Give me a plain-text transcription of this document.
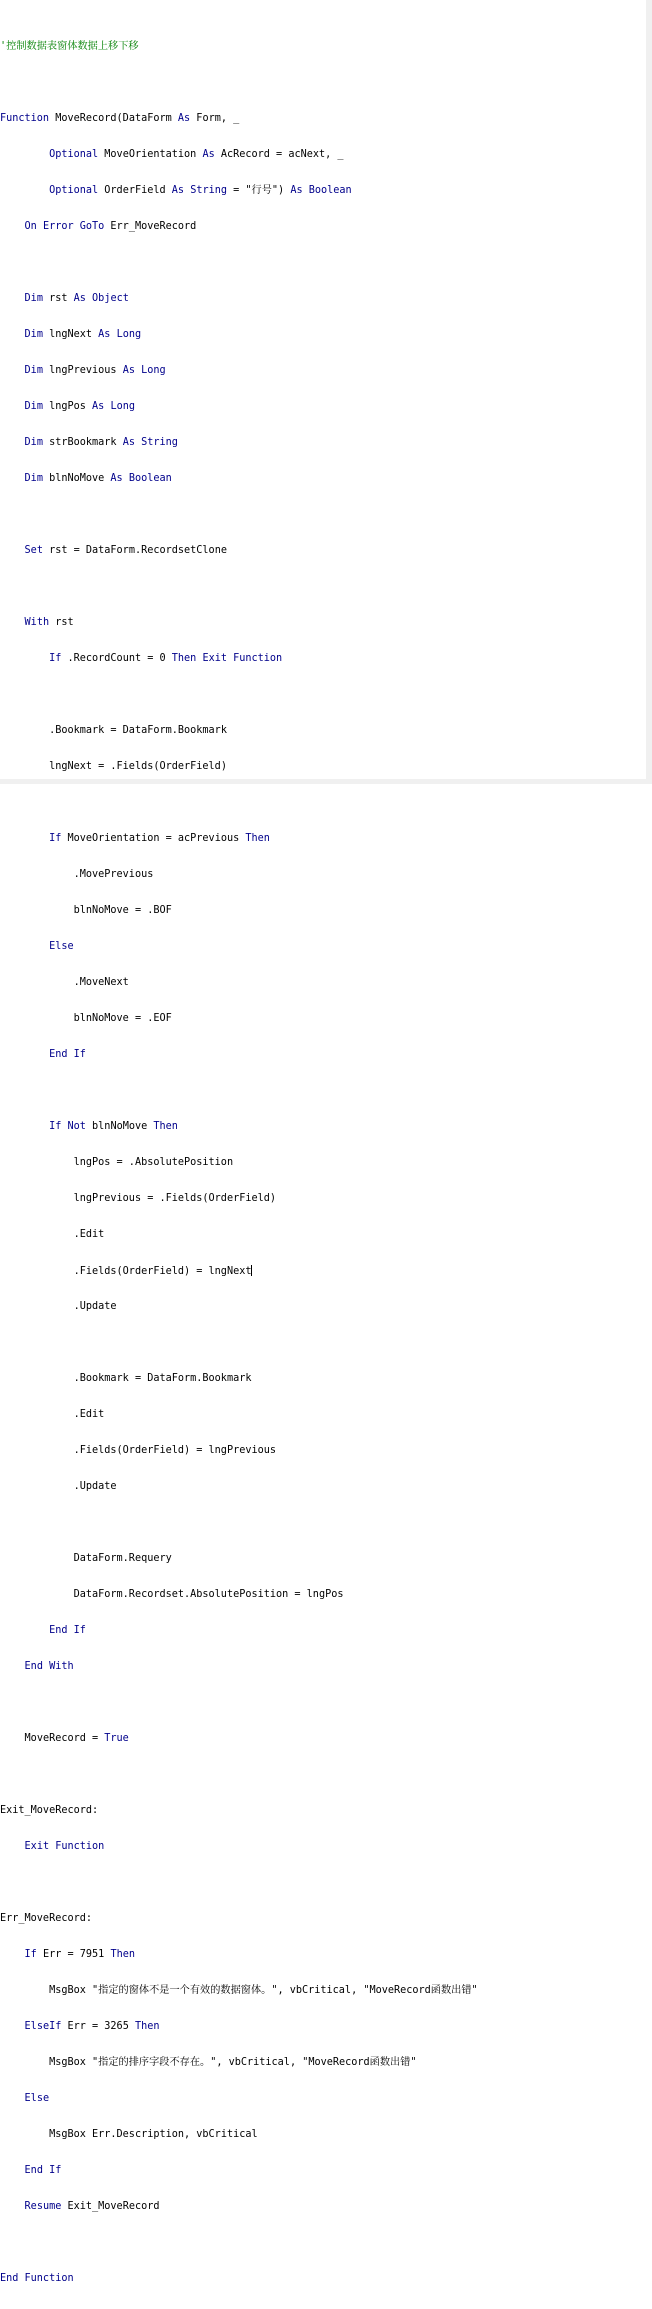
'控制数据表窗体数据上移下移

Function MoveRecord(DataForm As Form, _

Optional MoveOrientation As AcRecord = acNext, _

Optional OrderField As String = "行号") As Boolean

On Error GoTo Err_MoveRecord

Dim rst As Object

Dim lngNext As Long

Dim lngPrevious As Long

Dim lngPos As Long

Dim strBookmark As String

Dim blnNoMove As Boolean

Set rst = DataForm.RecordsetClone

With rst

If .RecordCount = 0 Then Exit Function

.Bookmark = DataForm.Bookmark

lngNext = .Fields(OrderField)

If MoveOrientation = acPrevious Then

.MovePrevious

blnNoMove = .BOF

Else

.MoveNext

blnNoMove = .EOF

End If

If Not blnNoMove Then

lngPos = .AbsolutePosition

lngPrevious = .Fields(OrderField)

.Edit

.Fields(OrderField) = lngNext

.Update

.Bookmark = DataForm.Bookmark

.Edit

.Fields(OrderField) = lngPrevious

.Update

DataForm.Requery

DataForm.Recordset.AbsolutePosition = lngPos

End If

End With

MoveRecord = True

Exit_MoveRecord:

Exit Function

Err_MoveRecord:

If Err = 7951 Then

MsgBox "指定的窗体不是一个有效的数据窗体。", vbCritical, "MoveRecord函数出错"

ElseIf Err = 3265 Then

MsgBox "指定的排序字段不存在。", vbCritical, "MoveRecord函数出错"

Else

MsgBox Err.Description, vbCritical

End If

Resume Exit_MoveRecord

End Function
